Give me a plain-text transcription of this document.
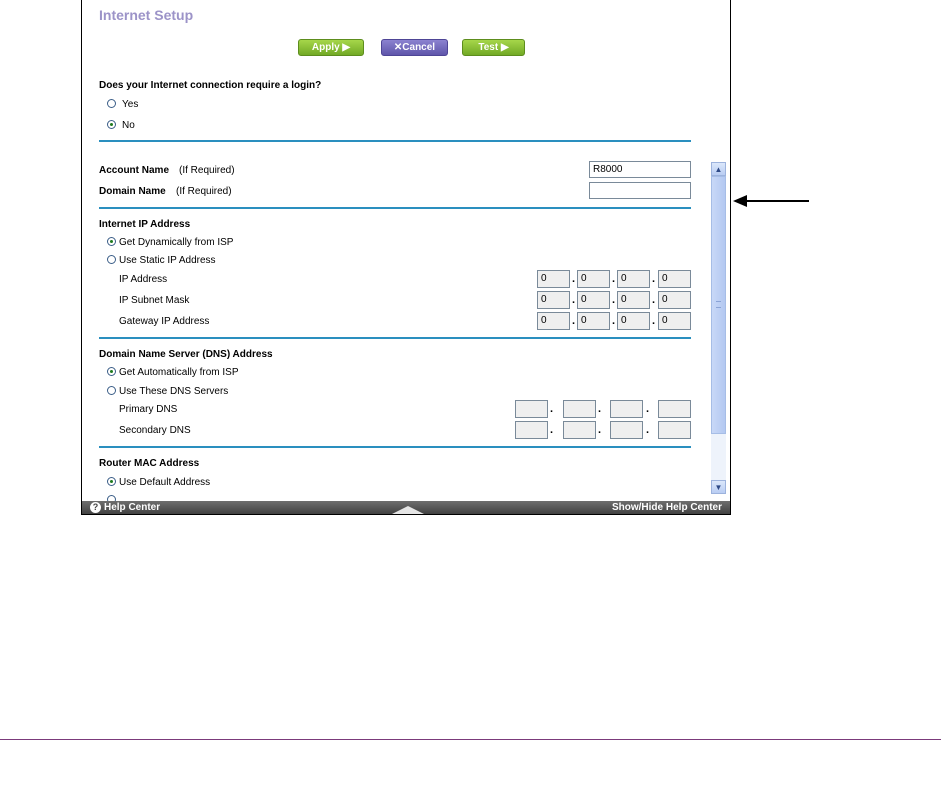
Internet Setup
Apply ▶	✕Cancel	Test ▶
Does your Internet connection require a login?
Yes
No
Account Name (If Required)	R8000
Domain Name (If Required)
Internet IP Address
Get Dynamically from ISP
Use Static IP Address
IP Address	0	. 0	. 0	. 0
IP Subnet Mask	0	. 0	. 0	. 0
Gateway IP Address	0	. 0	. 0	. 0
Domain Name Server (DNS) Address
Get Automatically from ISP
Use These DNS Servers
Primary DNS	.	.	.
Secondary DNS	.	.	.
Router MAC Address
Use Default Address
▲
▼
? Help Center	Show/Hide Help Center
